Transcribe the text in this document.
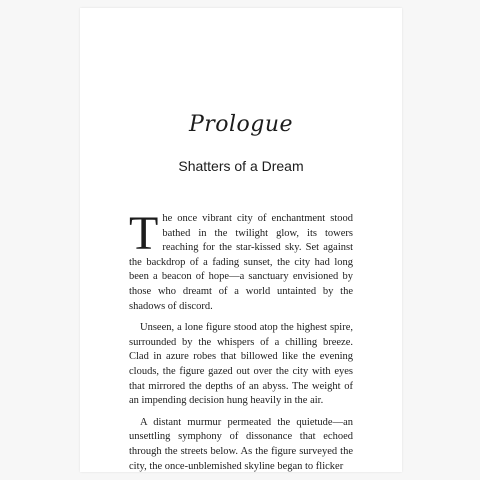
Prologue
Shatters of a Dream

The once vibrant city of enchantment stood bathed in the twilight glow, its towers reaching for the star-kissed sky. Set against the backdrop of a fading sunset, the city had long been a beacon of hope—a sanctuary envisioned by those who dreamt of a world untainted by the shadows of discord.

Unseen, a lone figure stood atop the highest spire, surrounded by the whispers of a chilling breeze. Clad in azure robes that billowed like the evening clouds, the figure gazed out over the city with eyes that mirrored the depths of an abyss. The weight of an impending decision hung heavily in the air.

A distant murmur permeated the quietude—an unsettling symphony of dissonance that echoed through the streets below. As the figure surveyed the city, the once-unblemished skyline began to flicker
